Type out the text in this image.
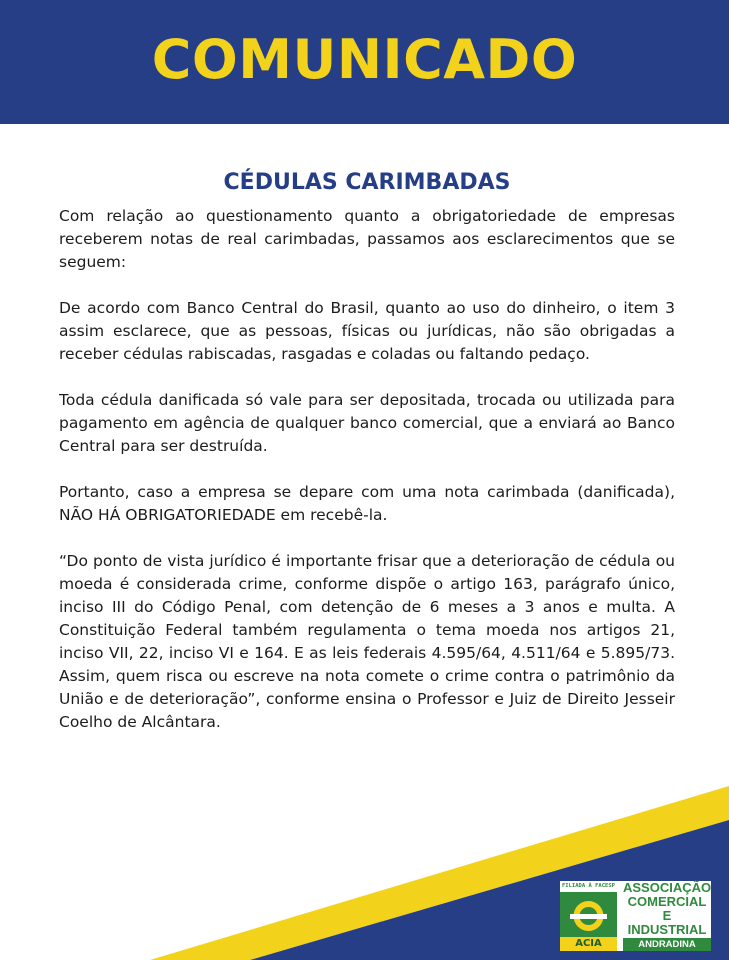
COMUNICADO
CÉDULAS CARIMBADAS

Com relação ao questionamento quanto a obrigatoriedade de empresas receberem notas de real carimbadas, passamos aos esclarecimentos que se seguem:

De acordo com Banco Central do Brasil, quanto ao uso do dinheiro, o item 3 assim esclarece, que as pessoas, físicas ou jurídicas, não são obrigadas a receber cédulas rabiscadas, rasgadas e coladas ou faltando pedaço.

Toda cédula danificada só vale para ser depositada, trocada ou utilizada para pagamento em agência de qualquer banco comercial, que a enviará ao Banco Central para ser destruída.

Portanto, caso a empresa se depare com uma nota carimbada (danificada), NÃO HÁ OBRIGATORIEDADE em recebê-la.

“Do ponto de vista jurídico é importante frisar que a deterioração de cédula ou moeda é considerada crime, conforme dispõe o artigo 163, parágrafo único, inciso III do Código Penal, com detenção de 6 meses a 3 anos e multa. A Constituição Federal também regulamenta o tema moeda nos artigos 21, inciso VII, 22, inciso VI e 164. E as leis federais 4.595/64, 4.511/64 e 5.895/73. Assim, quem risca ou escreve na nota comete o crime contra o patrimônio da União e de deterioração”, conforme ensina o Professor e Juiz de Direito Jesseir Coelho de Alcântara.

FILIADA À FACESP
ACIA
ASSOCIAÇÃO
COMERCIAL E
INDUSTRIAL
ANDRADINA
